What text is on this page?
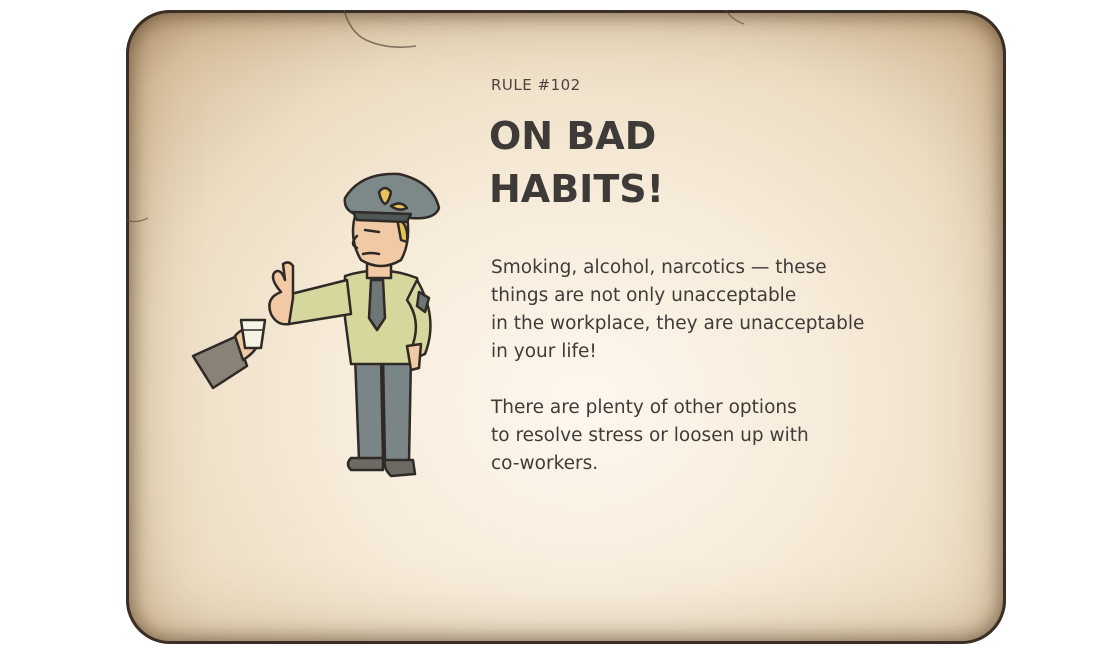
RULE #102

ON BAD
HABITS!

Smoking, alcohol, narcotics — these
things are not only unacceptable
in the workplace, they are unacceptable
in your life!

There are plenty of other options
to resolve stress or loosen up with
co-workers.
